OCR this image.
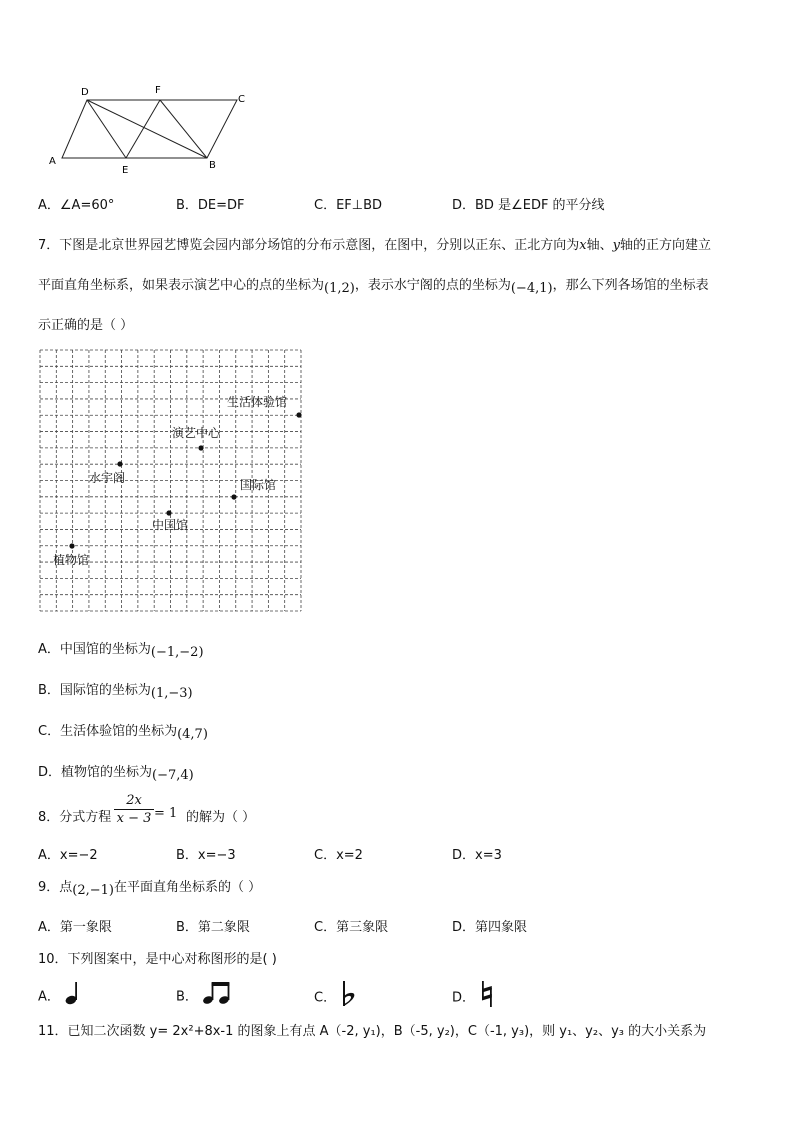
A
D	F
C
E	B
A．∠A=60°	B．DE=DF	C．EF⊥BD	D．BD 是∠EDF 的平分线
7．下图是北京世界园艺博览会园内部分场馆的分布示意图，在图中，分别以正东、正北方向为x轴、y轴的正方向建立
平面直角坐标系，如果表示演艺中心的点的坐标为(1,2)，表示水宁阁的点的坐标为(−4,1)，那么下列各场馆的坐标表
示正确的是（ ）
生活体验馆
演艺中心
水宇阁	国际馆
中国馆
植物馆
A．中国馆的坐标为(−1,−2)
B．国际馆的坐标为(1,−3)
C．生活体验馆的坐标为(4,7)
D．植物馆的坐标为(−7,4)
8．分式方程 $\frac{2x}{x - 3} = 1$ 的解为（ ）
A．x=−2	B．x=−3	C．x=2	D．x=3
9．点(2,−1)在平面直角坐标系的（ ）
A．第一象限	B．第二象限	C．第三象限	D．第四象限
10．下列图案中，是中心对称图形的是( )
A．	B．	C．	D．
11．已知二次函数 y= 2x²+8x-1 的图象上有点 A（-2, y₁)，B（-5, y₂)，C（-1, y₃)，则 y₁、y₂、y₃ 的大小关系为
